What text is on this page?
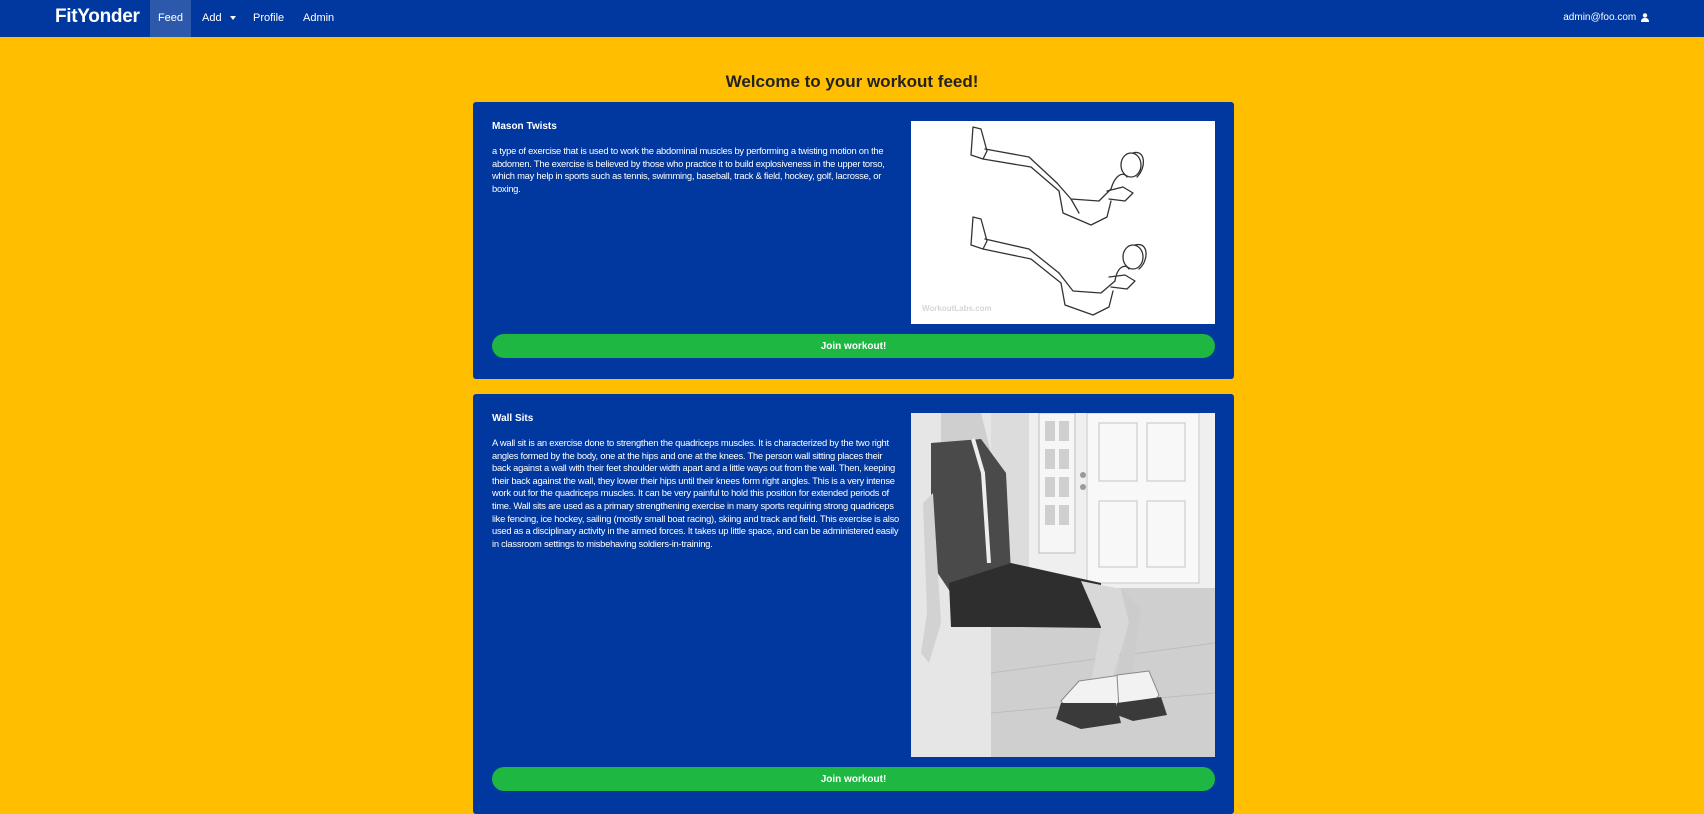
FitYonder	Feed	Add	Profile Admin	admin@foo.com
Welcome to your workout feed!
Mason Twists

a type of exercise that is used to work the abdominal muscles by performing a twisting motion on the abdomen. The exercise is believed by those who practice it to build explosiveness in the upper torso, which may help in sports such as tennis, swimming, baseball, track & field, hockey, golf, lacrosse, or boxing.

WorkoutLabs.com
Join workout!
Wall Sits
legs

A wall sit is an exercise done to strengthen the quadriceps muscles. It is characterized by the two right angles formed by the body, one at the hips and one at the knees. The person wall sitting places their back against a wall with their feet shoulder width apart and a little ways out from the wall. Then, keeping their back against the wall, they lower their hips until their knees form right angles. This is a very intense work out for the quadriceps muscles. It can be very painful to hold this position for extended periods of time. Wall sits are used as a primary strengthening exercise in many sports requiring strong quadriceps like fencing, ice hockey, sailing (mostly small boat racing), skiing and track and field. This exercise is also used as a disciplinary activity in the armed forces. It takes up little space, and can be administered easily in classroom settings to misbehaving soldiers-in-training.

Join workout!
